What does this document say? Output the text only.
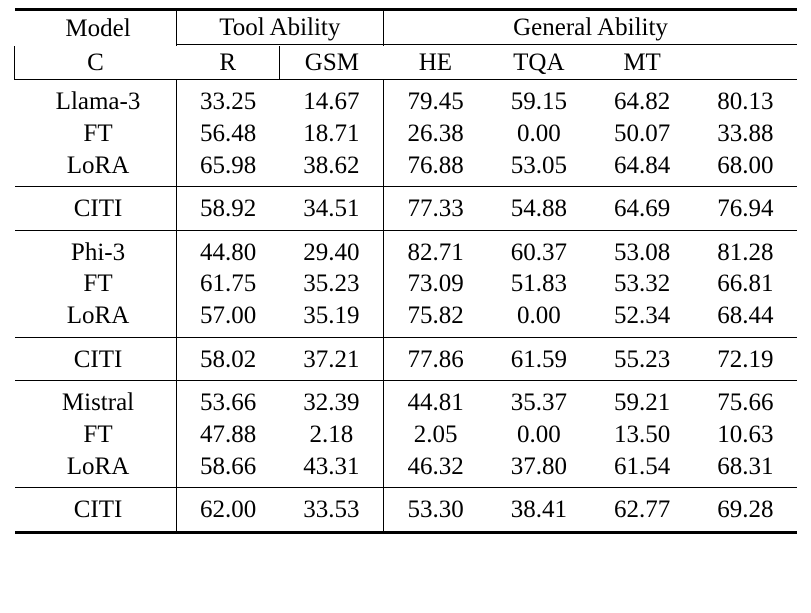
Model	Tool Ability		General Ability			

C	R	GSM	HE	TQA	MT	
Llama-3	33.25	14.67	79.45	59.15	64.82	80.13
FT	56.48	18.71	26.38	0.00	50.07	33.88
LoRA	65.98	38.62	76.88	53.05	64.84	68.00
CITI	58.92	34.51	77.33	54.88	64.69	76.94
Phi-3	44.80	29.40	82.71	60.37	53.08	81.28
FT	61.75	35.23	73.09	51.83	53.32	66.81
LoRA	57.00	35.19	75.82	0.00	52.34	68.44
CITI	58.02	37.21	77.86	61.59	55.23	72.19
Mistral	53.66	32.39	44.81	35.37	59.21	75.66
FT	47.88	2.18	2.05	0.00	13.50	10.63
LoRA	58.66	43.31	46.32	37.80	61.54	68.31
CITI	62.00	33.53	53.30	38.41	62.77	69.28
